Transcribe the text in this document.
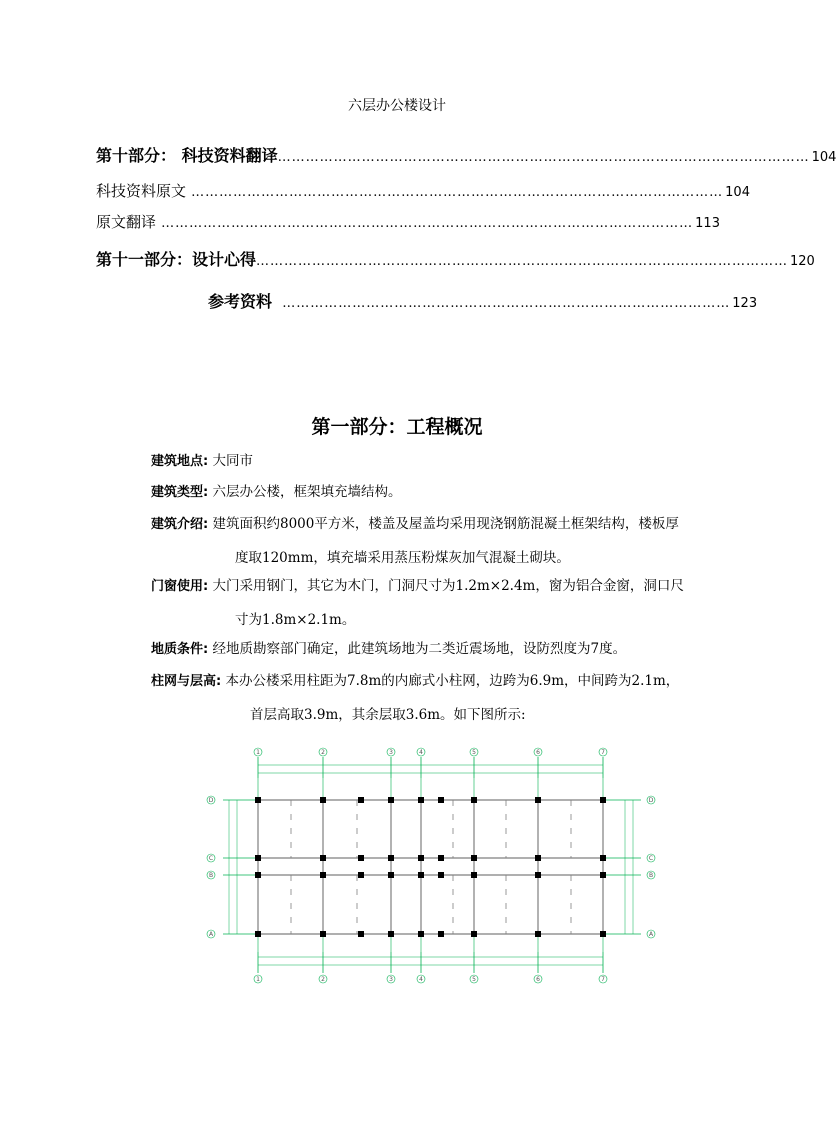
六层办公楼设计
第十部分： 科技资料翻译 …………………………………………………………………………………………………… 104
科技资料原文 …………………………………………………………………………………………………… 104
原文翻译 …………………………………………………………………………………………………… 113
第十一部分：设计心得 …………………………………………………………………………………………………… 120
参考资料 …………………………………………………………………………………… 123
第一部分：工程概况
建筑地点: 大同市
建筑类型: 六层办公楼，框架填充墙结构。
建筑介绍: 建筑面积约8000平方米，楼盖及屋盖均采用现浇钢筋混凝土框架结构，楼板厚
度取120mm，填充墙采用蒸压粉煤灰加气混凝土砌块。
门窗使用: 大门采用钢门，其它为木门，门洞尺寸为1.2m×2.4m，窗为铝合金窗，洞口尺
寸为1.8m×2.1m。
地质条件: 经地质勘察部门确定，此建筑场地为二类近震场地，设防烈度为7度。
柱网与层高: 本办公楼采用柱距为7.8m的内廊式小柱网，边跨为6.9m，中间跨为2.1m，
首层高取3.9m，其余层取3.6m。如下图所示:
1
1
2
2
3
3
4
4
5
5
6
6
7
7
D	D
C	C
B	B
A	A
